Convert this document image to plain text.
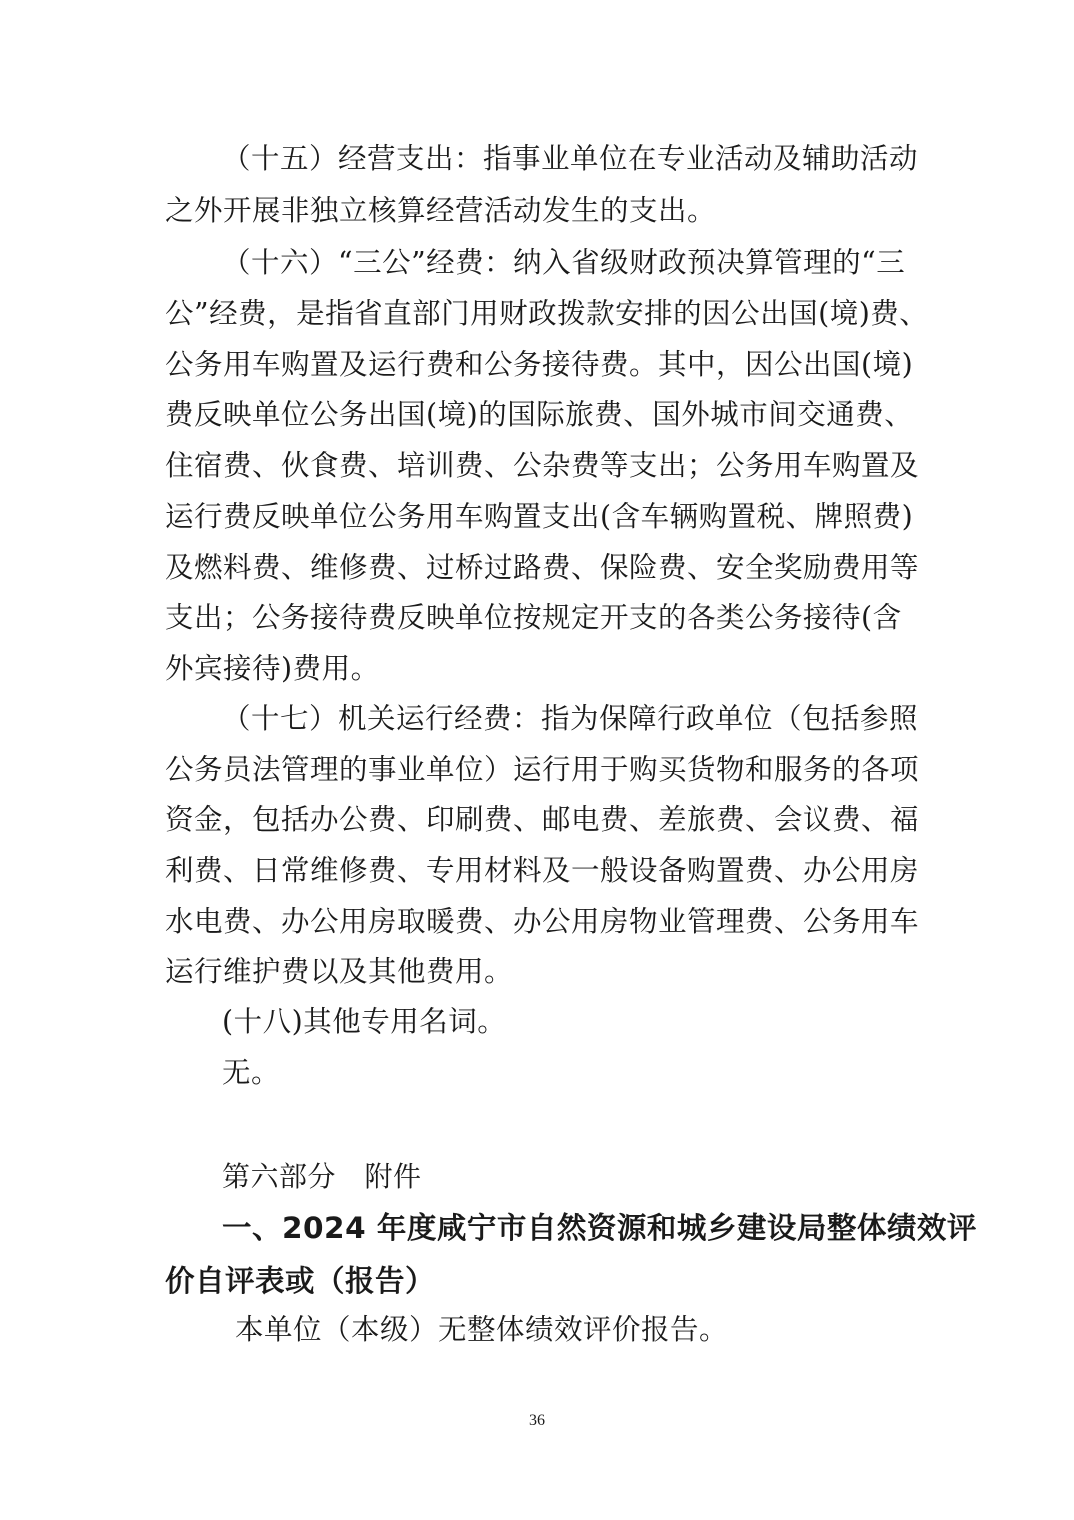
（十五）经营支出：指事业单位在专业活动及辅助活动
之外开展非独立核算经营活动发生的支出。
（十六）“三公”经费：纳入省级财政预决算管理的“三
公”经费，是指省直部门用财政拨款安排的因公出国(境)费、
公务用车购置及运行费和公务接待费。其中，因公出国(境)
费反映单位公务出国(境)的国际旅费、国外城市间交通费、
住宿费、伙食费、培训费、公杂费等支出；公务用车购置及
运行费反映单位公务用车购置支出(含车辆购置税、牌照费)
及燃料费、维修费、过桥过路费、保险费、安全奖励费用等
支出；公务接待费反映单位按规定开支的各类公务接待(含
外宾接待)费用。
（十七）机关运行经费：指为保障行政单位（包括参照
公务员法管理的事业单位）运行用于购买货物和服务的各项
资金，包括办公费、印刷费、邮电费、差旅费、会议费、福
利费、日常维修费、专用材料及一般设备购置费、办公用房
水电费、办公用房取暖费、办公用房物业管理费、公务用车
运行维护费以及其他费用。
(十八)其他专用名词。
无。
第六部分　附件
一、2024 年度咸宁市自然资源和城乡建设局整体绩效评
价自评表或（报告）
本单位（本级）无整体绩效评价报告。
36
